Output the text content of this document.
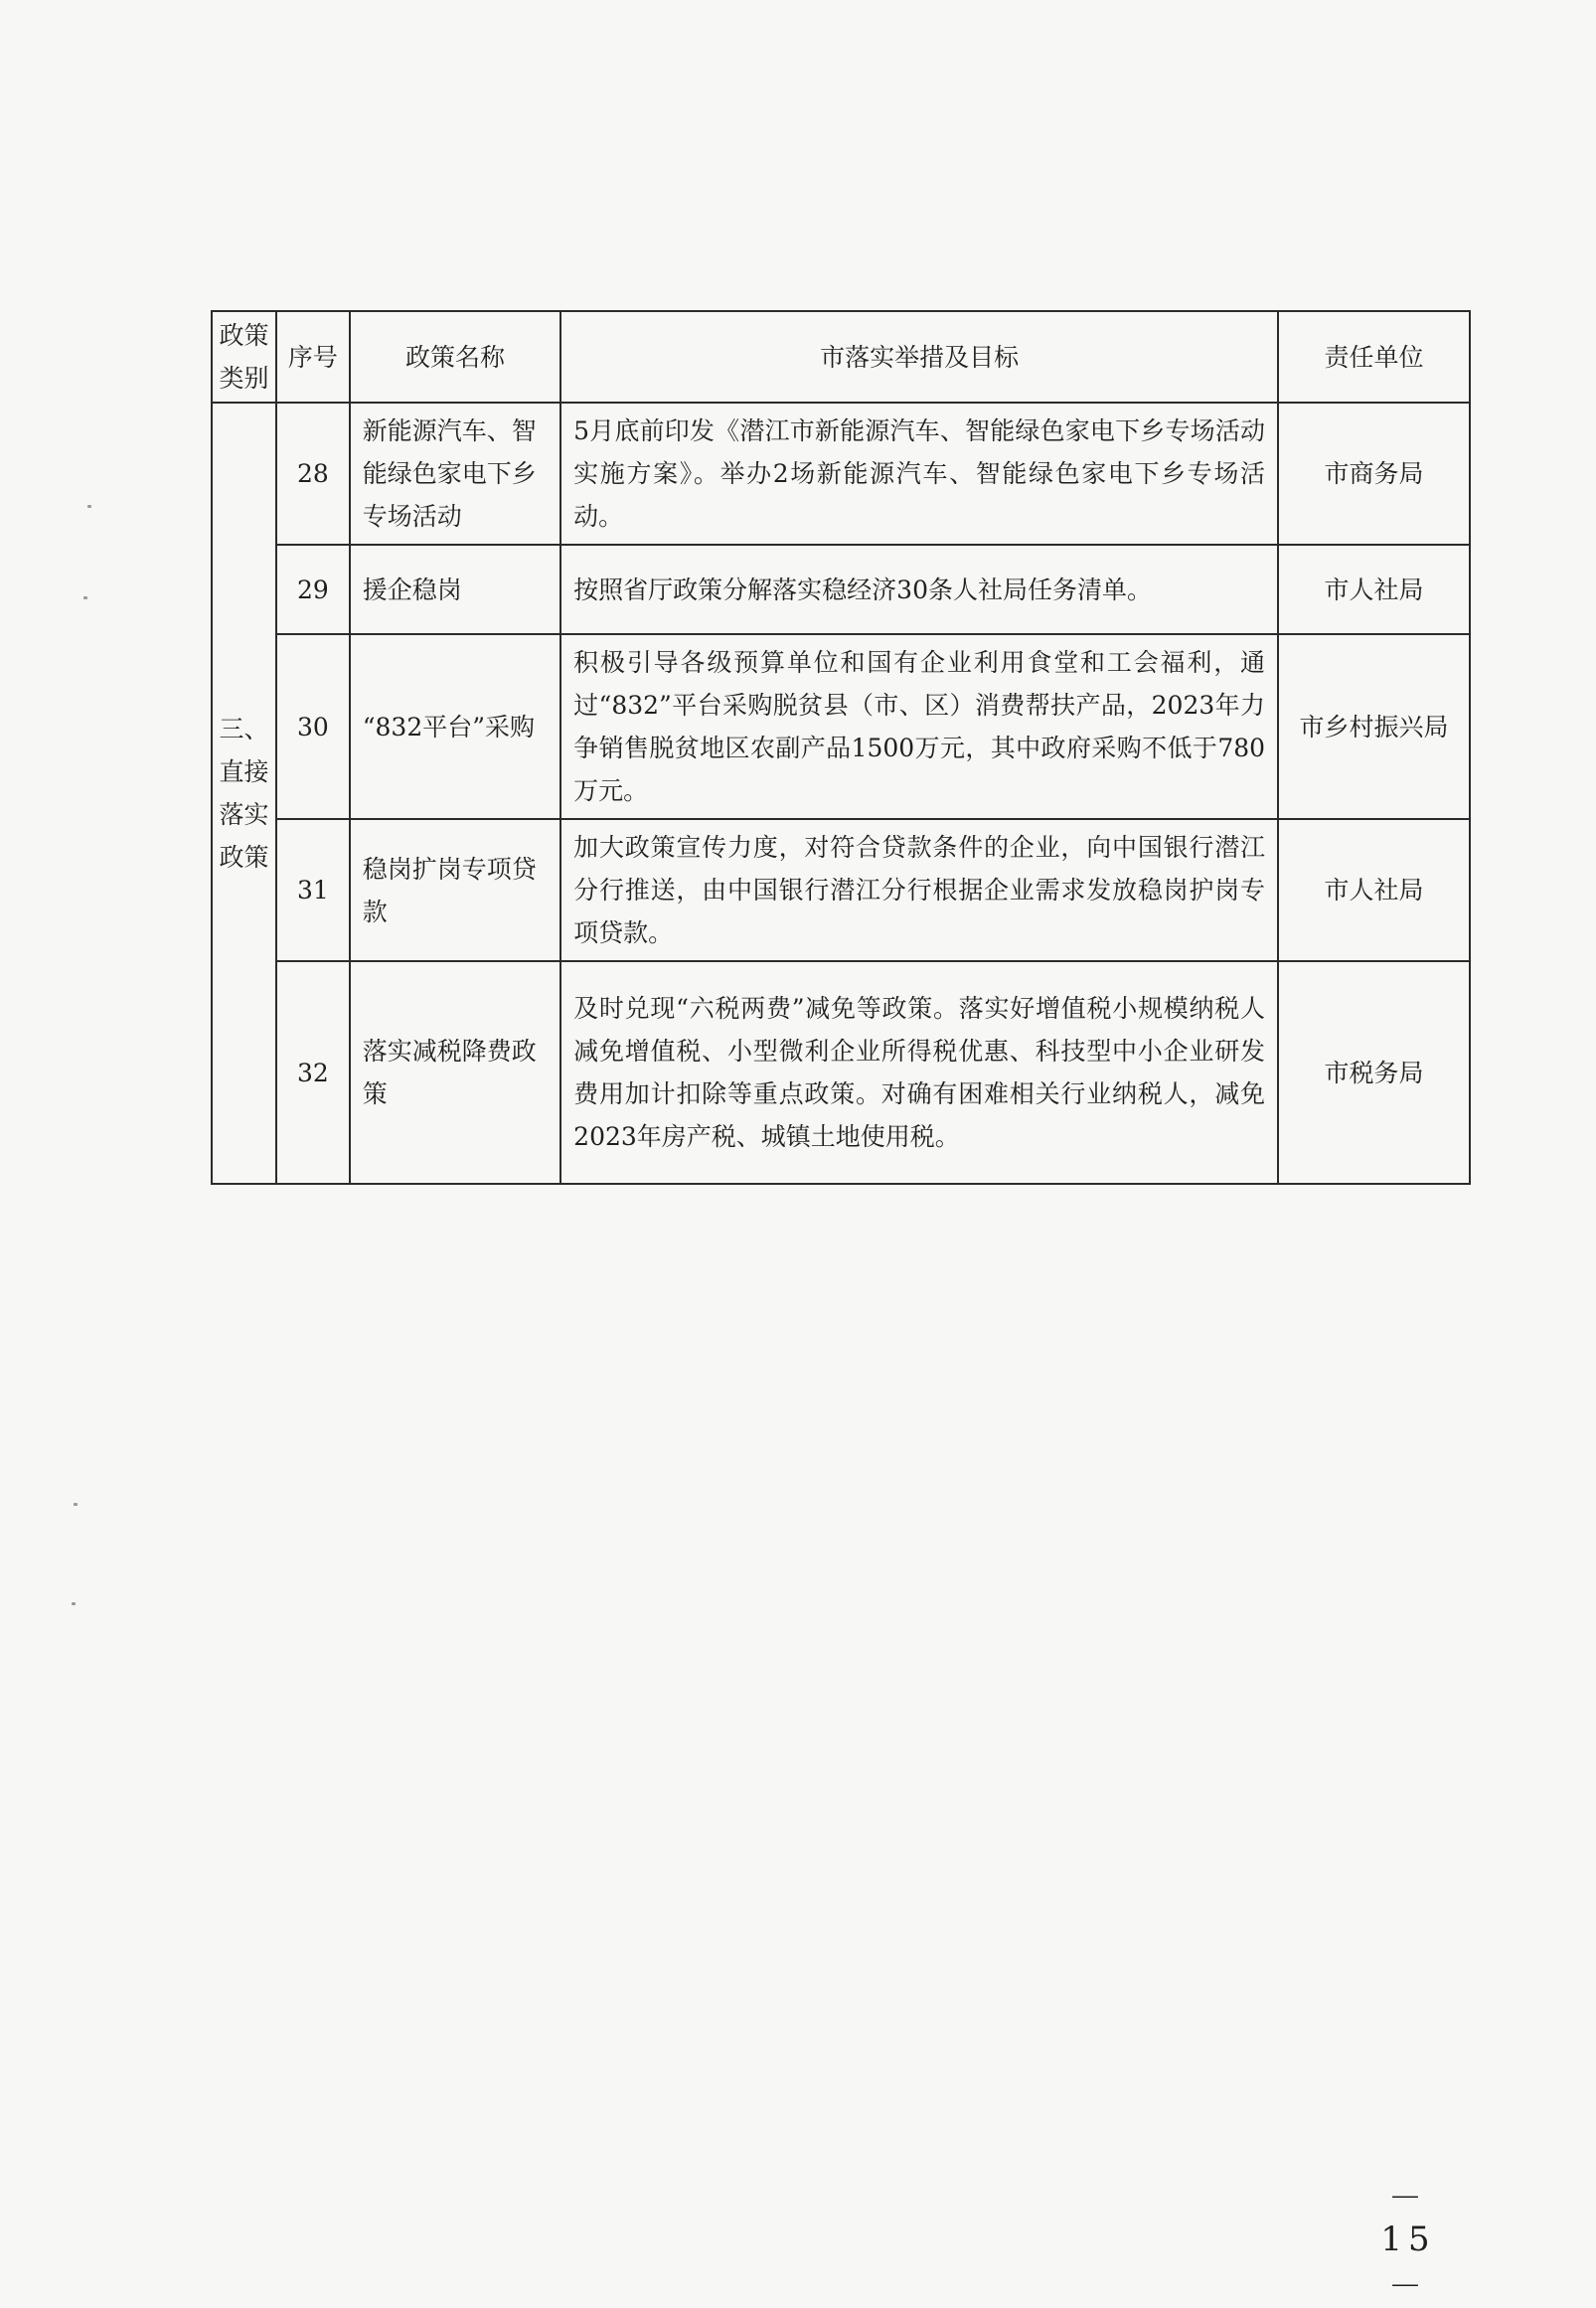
政策
类别	序号	政策名称	市落实举措及目标	责任单位

三、
直接
落实
政策	28	新能源汽车、智能绿色家电下乡专场活动	5月底前印发《潜江市新能源汽车、智能绿色家电下乡专场活动实施方案》。举办2场新能源汽车、智能绿色家电下乡专场活动。	市商务局
	29	援企稳岗	按照省厅政策分解落实稳经济30条人社局任务清单。	市人社局
	30	“832平台”采购	积极引导各级预算单位和国有企业利用食堂和工会福利，通过“832”平台采购脱贫县（市、区）消费帮扶产品，2023年力争销售脱贫地区农副产品1500万元，其中政府采购不低于780万元。	市乡村振兴局
	31	稳岗扩岗专项贷款	加大政策宣传力度，对符合贷款条件的企业，向中国银行潜江分行推送，由中国银行潜江分行根据企业需求发放稳岗护岗专项贷款。	市人社局
	32	落实减税降费政策	及时兑现“六税两费”减免等政策。落实好增值税小规模纳税人减免增值税、小型微利企业所得税优惠、科技型中小企业研发费用加计扣除等重点政策。对确有困难相关行业纳税人，减免2023年房产税、城镇土地使用税。	市税务局
－ 15 －
